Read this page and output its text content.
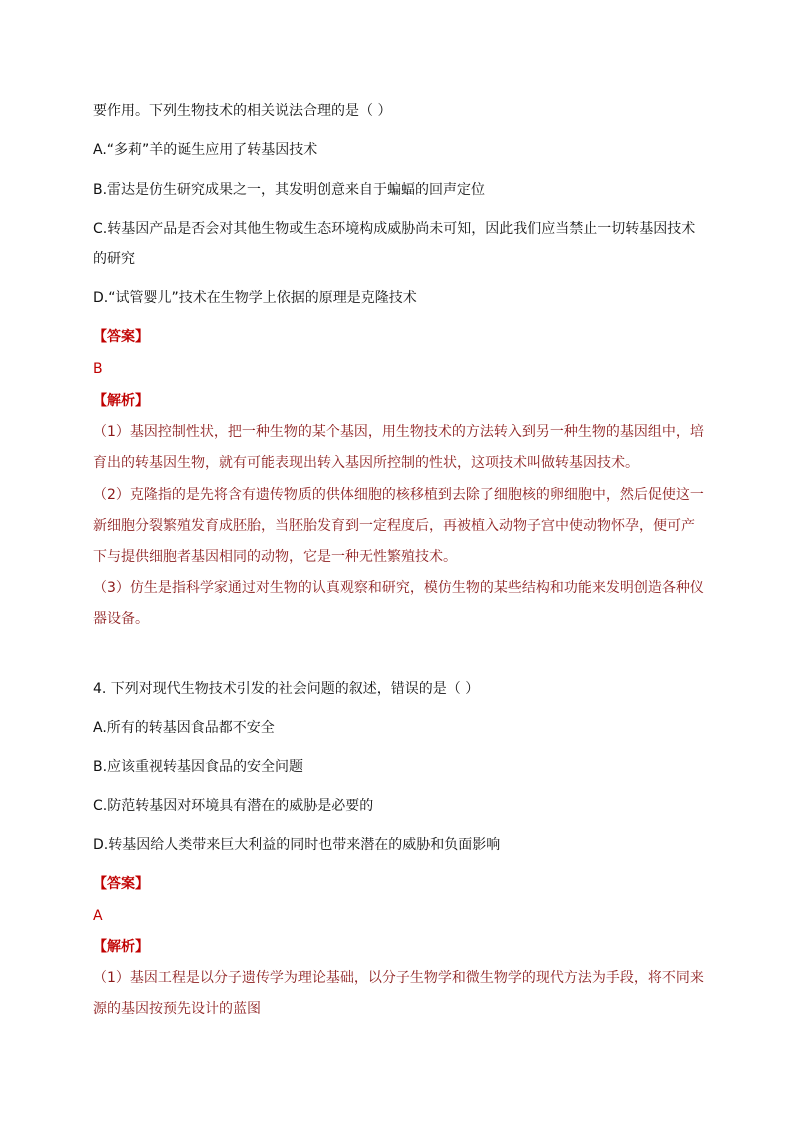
要作用。下列生物技术的相关说法合理的是（ ）
A.“多莉”羊的诞生应用了转基因技术
B.雷达是仿生研究成果之一，其发明创意来自于蝙蝠的回声定位
C.转基因产品是否会对其他生物或生态环境构成威胁尚未可知，因此我们应当禁止一切转基因技术
的研究
D.“试管婴儿”技术在生物学上依据的原理是克隆技术
【答案】
B
【解析】
（1）基因控制性状，把一种生物的某个基因，用生物技术的方法转入到另一种生物的基因组中，培
育出的转基因生物，就有可能表现出转入基因所控制的性状，这项技术叫做转基因技术。
（2）克隆指的是先将含有遗传物质的供体细胞的核移植到去除了细胞核的卵细胞中，然后促使这一
新细胞分裂繁殖发育成胚胎，当胚胎发育到一定程度后，再被植入动物子宫中使动物怀孕，便可产
下与提供细胞者基因相同的动物，它是一种无性繁殖技术。
（3）仿生是指科学家通过对生物的认真观察和研究，模仿生物的某些结构和功能来发明创造各种仪
器设备。
4. 下列对现代生物技术引发的社会问题的叙述，错误的是（ ）
A.所有的转基因食品都不安全
B.应该重视转基因食品的安全问题
C.防范转基因对环境具有潜在的威胁是必要的
D.转基因给人类带来巨大利益的同时也带来潜在的威胁和负面影响
【答案】
A
【解析】
（1）基因工程是以分子遗传学为理论基础，以分子生物学和微生物学的现代方法为手段，将不同来
源的基因按预先设计的蓝图
